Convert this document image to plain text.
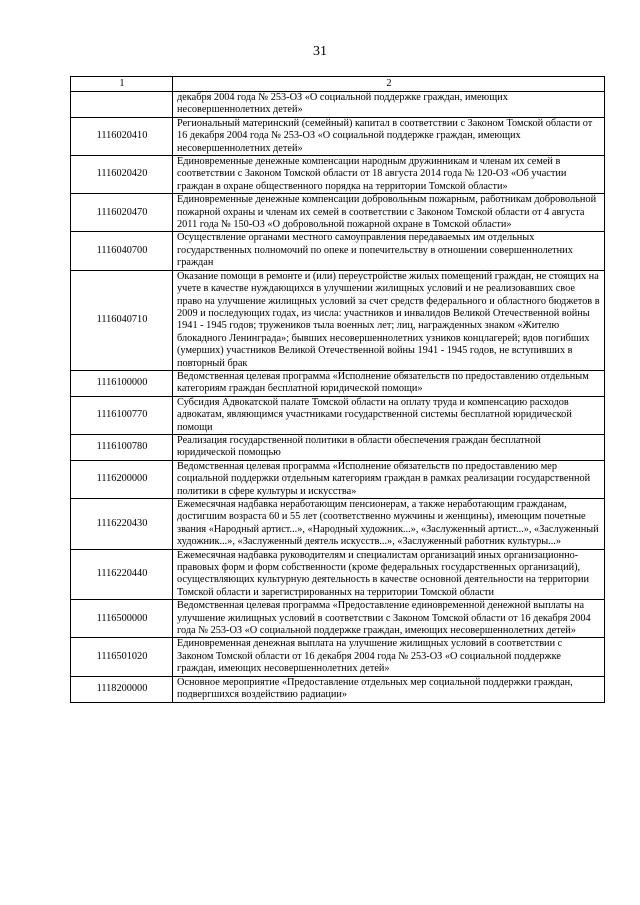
31
1	2
	декабря 2004 года № 253-ОЗ «О социальной поддержке граждан, имеющих несовершеннолетних детей»
1116020410	Региональный материнский (семейный) капитал в соответствии с Законом Томской области от 16 декабря 2004 года № 253-ОЗ «О социальной поддержке граждан, имеющих несовершеннолетних детей»
1116020420	Единовременные денежные компенсации народным дружинникам и членам их семей в соответствии с Законом Томской области от 18 августа 2014 года № 120-ОЗ «Об участии граждан в охране общественного порядка на территории Томской области»
1116020470	Единовременные денежные компенсации добровольным пожарным, работникам добровольной пожарной охраны и членам их семей в соответствии с Законом Томской области от 4 августа 2011 года № 150-ОЗ «О добровольной пожарной охране в Томской области»
1116040700	Осуществление органами местного самоуправления передаваемых им отдельных государственных полномочий по опеке и попечительству в отношении совершеннолетних граждан
1116040710	Оказание помощи в ремонте и (или) переустройстве жилых помещений граждан, не стоящих на учете в качестве нуждающихся в улучшении жилищных условий и не реализовавших свое право на улучшение жилищных условий за счет средств федерального и областного бюджетов в 2009 и последующих годах, из числа: участников и инвалидов Великой Отечественной войны 1941 - 1945 годов; тружеников тыла военных лет; лиц, награжденных знаком «Жителю блокадного Ленинграда»; бывших несовершеннолетних узников концлагерей; вдов погибших (умерших) участников Великой Отечественной войны 1941 - 1945 годов, не вступивших в повторный брак
1116100000	Ведомственная целевая программа «Исполнение обязательств по предоставлению отдельным категориям граждан бесплатной юридической помощи»
1116100770	Субсидия Адвокатской палате Томской области на оплату труда и компенсацию расходов адвокатам, являющимся участниками государственной системы бесплатной юридической помощи
1116100780	Реализация государственной политики в области обеспечения граждан бесплатной юридической помощью
1116200000	Ведомственная целевая программа «Исполнение обязательств по предоставлению мер социальной поддержки отдельным категориям граждан в рамках реализации государственной политики в сфере культуры и искусства»
1116220430	Ежемесячная надбавка неработающим пенсионерам, а также неработающим гражданам, достигшим возраста 60 и 55 лет (соответственно мужчины и женщины), имеющим почетные звания «Народный артист...», «Народный художник...», «Заслуженный артист...», «Заслуженный художник...», «Заслуженный деятель искусств...», «Заслуженный работник культуры...»
1116220440	Ежемесячная надбавка руководителям и специалистам организаций иных организационно-правовых форм и форм собственности (кроме федеральных государственных организаций), осуществляющих культурную деятельность в качестве основной деятельности на территории Томской области и зарегистрированных на территории Томской области
1116500000	Ведомственная целевая программа «Предоставление единовременной денежной выплаты на улучшение жилищных условий в соответствии с Законом Томской области от 16 декабря 2004 года № 253-ОЗ «О социальной поддержке граждан, имеющих несовершеннолетних детей»
1116501020	Единовременная денежная выплата на улучшение жилищных условий в соответствии с Законом Томской области от 16 декабря 2004 года № 253-ОЗ «О социальной поддержке граждан, имеющих несовершеннолетних детей»
1118200000	Основное мероприятие «Предоставление отдельных мер социальной поддержки граждан, подвергшихся воздействию радиации»
